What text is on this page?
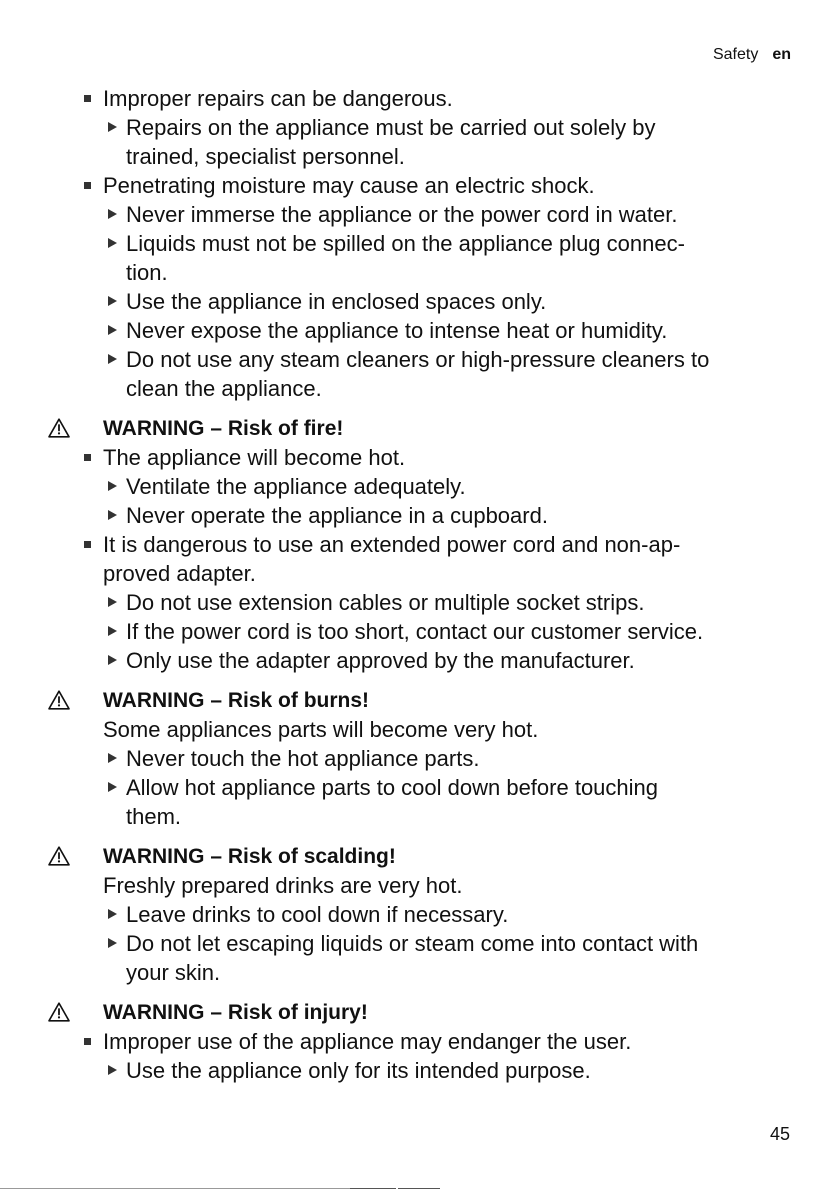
Safety en
Improper repairs can be dangerous.
Repairs on the appliance must be carried out solely by
trained, specialist personnel.
Penetrating moisture may cause an electric shock.
Never immerse the appliance or the power cord in water.
Liquids must not be spilled on the appliance plug connec-
tion.
Use the appliance in enclosed spaces only.
Never expose the appliance to intense heat or humidity.
Do not use any steam cleaners or high-pressure cleaners to
clean the appliance.
WARNING – Risk of fire!
The appliance will become hot.
Ventilate the appliance adequately.
Never operate the appliance in a cupboard.
It is dangerous to use an extended power cord and non-ap-
proved adapter.
Do not use extension cables or multiple socket strips.
If the power cord is too short, contact our customer service.
Only use the adapter approved by the manufacturer.
WARNING – Risk of burns!
Some appliances parts will become very hot.
Never touch the hot appliance parts.
Allow hot appliance parts to cool down before touching
them.
WARNING – Risk of scalding!
Freshly prepared drinks are very hot.
Leave drinks to cool down if necessary.
Do not let escaping liquids or steam come into contact with
your skin.
WARNING – Risk of injury!
Improper use of the appliance may endanger the user.
Use the appliance only for its intended purpose.
45
